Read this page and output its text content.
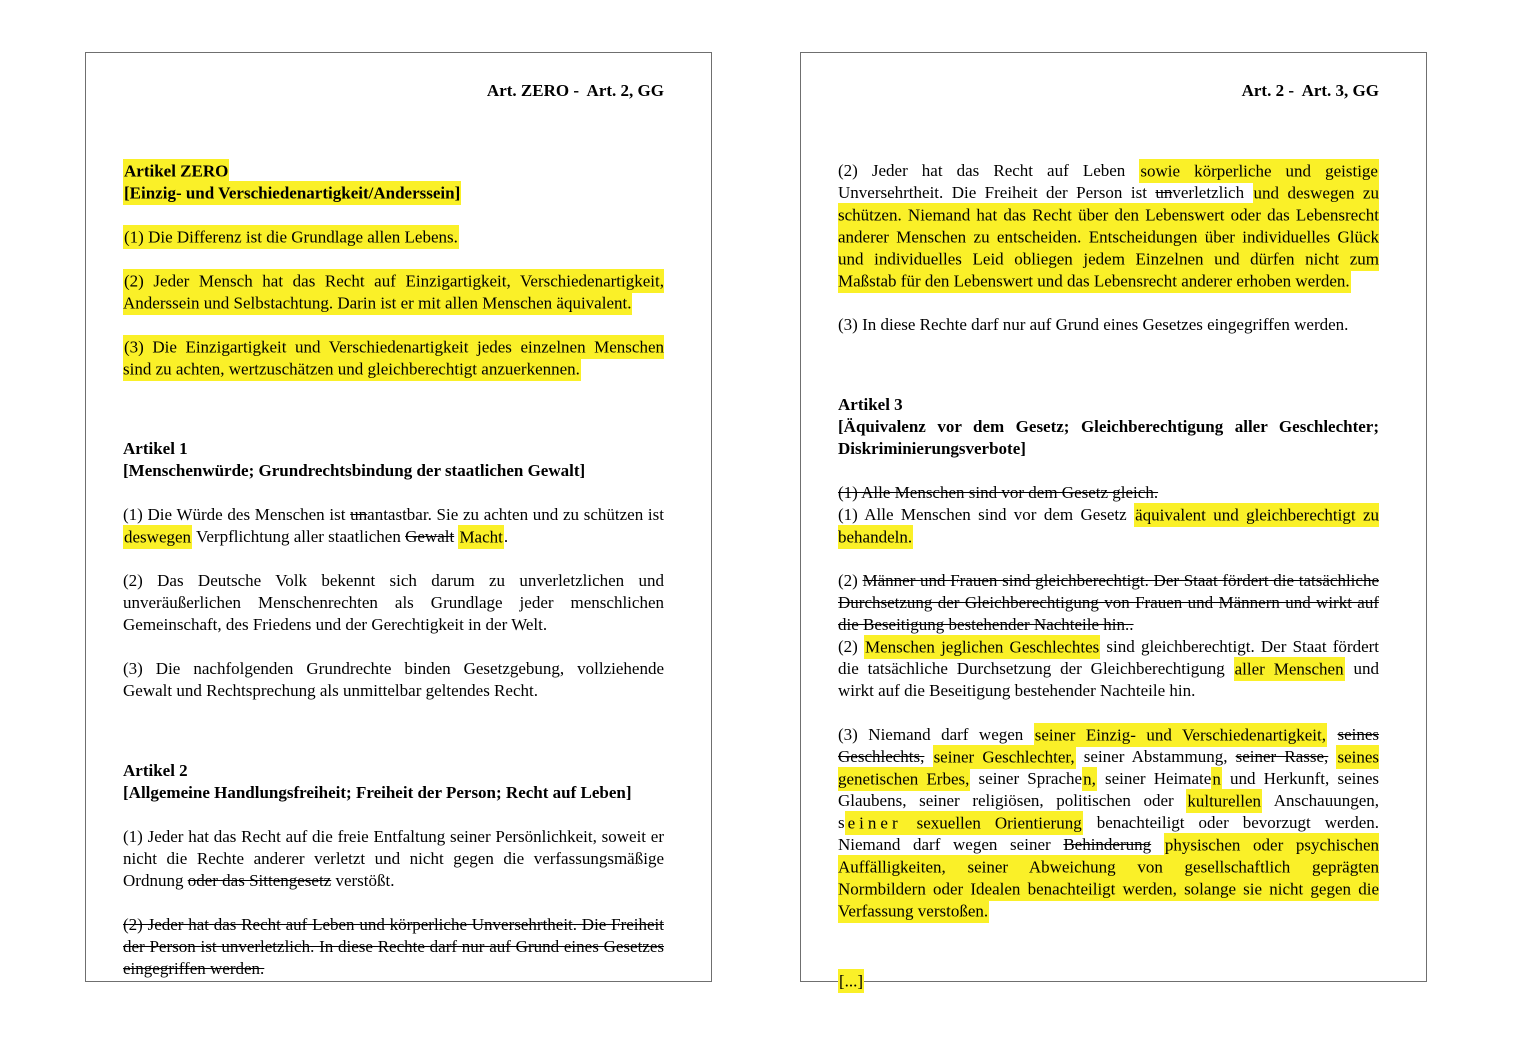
Art. ZERO -  Art. 2, GG
Artikel ZERO
[Einzig- und Verschiedenartigkeit/Anderssein]
(1) Die Differenz ist die Grundlage allen Lebens.
(2) Jeder Mensch hat das Recht auf Einzigartigkeit, Verschiedenartigkeit, Anderssein und Selbstachtung. Darin ist er mit allen Menschen äquivalent.
(3) Die Einzigartigkeit und Verschiedenartigkeit jedes einzelnen Menschen sind zu achten, wertzuschätzen und gleichberechtigt anzuerkennen.
Artikel 1
[Menschenwürde; Grundrechtsbindung der staatlichen Gewalt]
(1) Die Würde des Menschen ist unantastbar. Sie zu achten und zu schützen ist deswegen Verpflichtung aller staatlichen Gewalt Macht.
(2) Das Deutsche Volk bekennt sich darum zu unverletzlichen und unveräußerlichen Menschenrechten als Grundlage jeder menschlichen Gemeinschaft, des Friedens und der Gerechtigkeit in der Welt.
(3) Die nachfolgenden Grundrechte binden Gesetzgebung, vollziehende Gewalt und Rechtsprechung als unmittelbar geltendes Recht.
Artikel 2
[Allgemeine Handlungsfreiheit; Freiheit der Person; Recht auf Leben]
(1) Jeder hat das Recht auf die freie Entfaltung seiner Persönlichkeit, soweit er nicht die Rechte anderer verletzt und nicht gegen die verfassungsmäßige Ordnung oder das Sittengesetz verstößt.
(2) Jeder hat das Recht auf Leben und körperliche Unversehrtheit. Die Freiheit der Person ist unverletzlich. In diese Rechte darf nur auf Grund eines Gesetzes eingegriffen werden.
Art. 2 -  Art. 3, GG
(2) Jeder hat das Recht auf Leben sowie körperliche und geistige Unversehrtheit. Die Freiheit der Person ist unverletzlich und deswegen zu schützen. Niemand hat das Recht über den Lebenswert oder das Lebensrecht anderer Menschen zu entscheiden. Entscheidungen über individuelles Glück und individuelles Leid obliegen jedem Einzelnen und dürfen nicht zum Maßstab für den Lebenswert und das Lebensrecht anderer erhoben werden.
(3) In diese Rechte darf nur auf Grund eines Gesetzes eingegriffen werden.
Artikel 3
[Äquivalenz vor dem Gesetz; Gleichberechtigung aller Geschlechter; Diskriminierungsverbote]
(1) Alle Menschen sind vor dem Gesetz gleich.
(1) Alle Menschen sind vor dem Gesetz äquivalent und gleichberechtigt zu behandeln.
(2) Männer und Frauen sind gleichberechtigt. Der Staat fördert die tatsächliche Durchsetzung der Gleichberechtigung von Frauen und Männern und wirkt auf die Beseitigung bestehender Nachteile hin..
(2) Menschen jeglichen Geschlechtes sind gleichberechtigt. Der Staat fördert die tatsächliche Durchsetzung der Gleichberechtigung aller Menschen und wirkt auf die Beseitigung bestehender Nachteile hin.
(3) Niemand darf wegen seiner Einzig- und Verschiedenartigkeit, seines Geschlechts, seiner Geschlechter, seiner Abstammung, seiner Rasse, seines genetischen Erbes, seiner Sprachen, seiner Heimaten und Herkunft, seines Glaubens, seiner religiösen, politischen oder kulturellen Anschauungen, s einer sexuellen Orientierung benachteiligt oder bevorzugt werden. Niemand darf wegen seiner Behinderung physischen oder psychischen Auffälligkeiten, seiner Abweichung von gesellschaftlich geprägten Normbildern oder Idealen benachteiligt werden, solange sie nicht gegen die Verfassung verstoßen.
[...]
